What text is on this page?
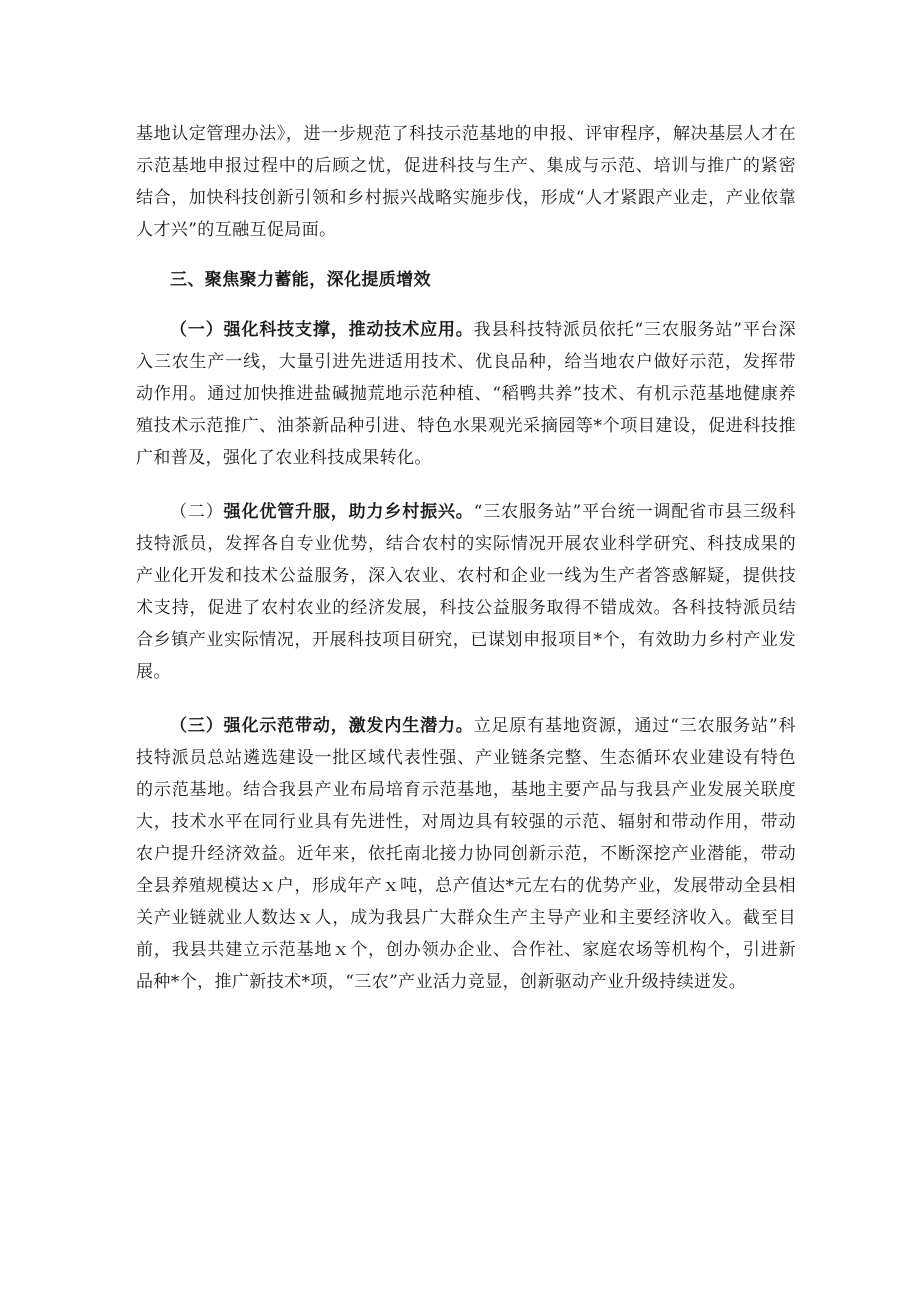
基地认定管理办法》，进一步规范了科技示范基地的申报、评审程序，解决基层人才在示范基地申报过程中的后顾之忧，促进科技与生产、集成与示范、培训与推广的紧密结合，加快科技创新引领和乡村振兴战略实施步伐，形成“人才紧跟产业走，产业依靠人才兴”的互融互促局面。

三、聚焦聚力蓄能，深化提质增效

（一）强化科技支撑，推动技术应用。我县科技特派员依托“三农服务站”平台深入三农生产一线，大量引进先进适用技术、优良品种，给当地农户做好示范，发挥带动作用。通过加快推进盐碱抛荒地示范种植、“稻鸭共养”技术、有机示范基地健康养殖技术示范推广、油茶新品种引进、特色水果观光采摘园等*个项目建设，促进科技推广和普及，强化了农业科技成果转化。

（二）强化优管升服，助力乡村振兴。“三农服务站”平台统一调配省市县三级科技特派员，发挥各自专业优势，结合农村的实际情况开展农业科学研究、科技成果的产业化开发和技术公益服务，深入农业、农村和企业一线为生产者答惑解疑，提供技术支持，促进了农村农业的经济发展，科技公益服务取得不错成效。各科技特派员结合乡镇产业实际情况，开展科技项目研究，已谋划申报项目*个，有效助力乡村产业发展。

（三）强化示范带动，激发内生潜力。立足原有基地资源，通过“三农服务站”科技特派员总站遴选建设一批区域代表性强、产业链条完整、生态循环农业建设有特色的示范基地。结合我县产业布局培育示范基地，基地主要产品与我县产业发展关联度大，技术水平在同行业具有先进性，对周边具有较强的示范、辐射和带动作用，带动农户提升经济效益。近年来，依托南北接力协同创新示范，不断深挖产业潜能，带动全县养殖规模达ｘ户，形成年产ｘ吨，总产值达*元左右的优势产业，发展带动全县相关产业链就业人数达ｘ人，成为我县广大群众生产主导产业和主要经济收入。截至目前，我县共建立示范基地ｘ个，创办领办企业、合作社、家庭农场等机构个，引进新品种*个，推广新技术*项，“三农”产业活力竞显，创新驱动产业升级持续迸发。
